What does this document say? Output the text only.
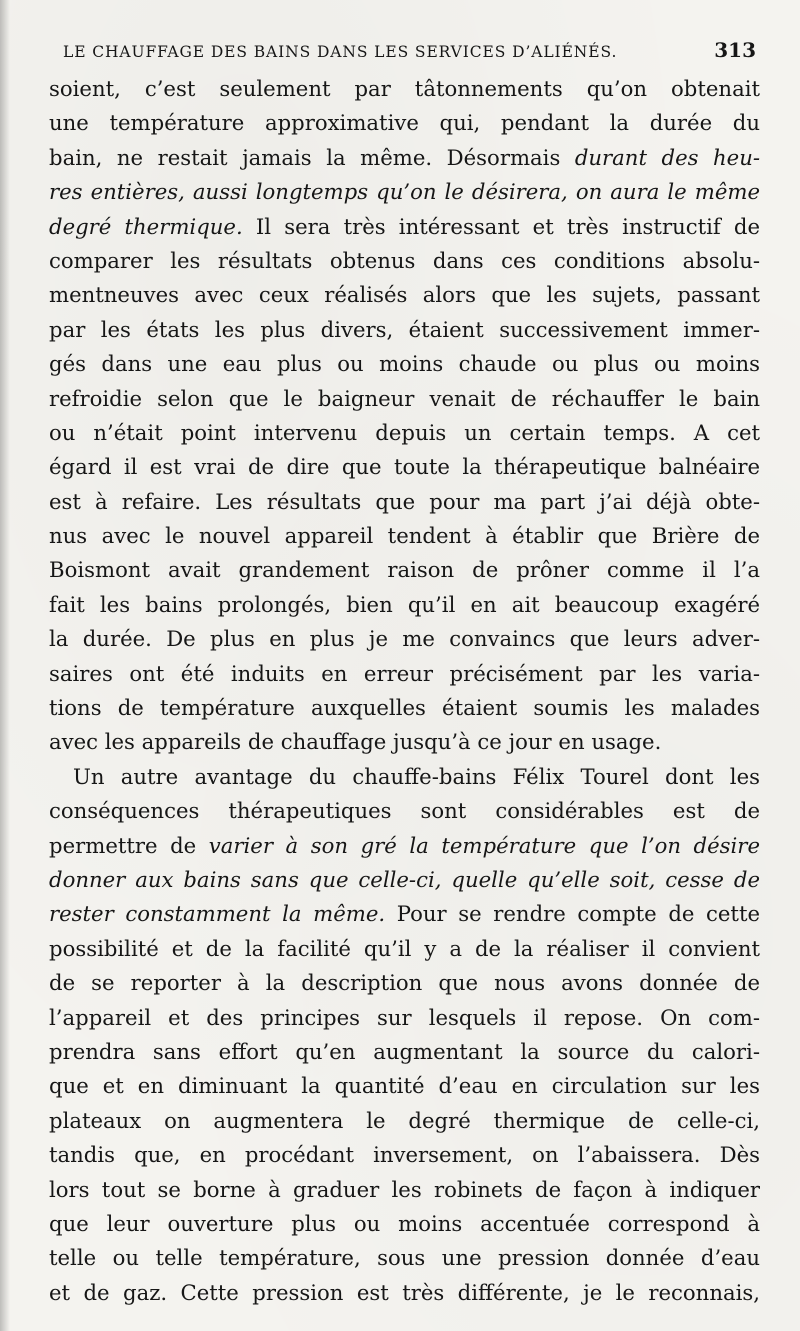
LE CHAUFFAGE DES BAINS DANS LES SERVICES D’ALIÉNÉS.	313
soient, c’est seulement par tâtonnements qu’on obtenait
une température approximative qui, pendant la durée du
bain, ne restait jamais la même. Désormais durant des heu-
res entières, aussi longtemps qu’on le désirera, on aura le même
degré thermique. Il sera très intéressant et très instructif de
comparer les résultats obtenus dans ces conditions absolu-
mentneuves avec ceux réalisés alors que les sujets, passant
par les états les plus divers, étaient successivement immer-
gés dans une eau plus ou moins chaude ou plus ou moins
refroidie selon que le baigneur venait de réchauffer le bain
ou n’était point intervenu depuis un certain temps. A cet
égard il est vrai de dire que toute la thérapeutique balnéaire
est à refaire. Les résultats que pour ma part j’ai déjà obte-
nus avec le nouvel appareil tendent à établir que Brière de
Boismont avait grandement raison de prôner comme il l’a
fait les bains prolongés, bien qu’il en ait beaucoup exagéré
la durée. De plus en plus je me convaincs que leurs adver-
saires ont été induits en erreur précisément par les varia-
tions de température auxquelles étaient soumis les malades
avec les appareils de chauffage jusqu’à ce jour en usage.
Un autre avantage du chauffe-bains Félix Tourel dont les
conséquences thérapeutiques sont considérables est de
permettre de varier à son gré la température que l’on désire
donner aux bains sans que celle-ci, quelle qu’elle soit, cesse de
rester constamment la même. Pour se rendre compte de cette
possibilité et de la facilité qu’il y a de la réaliser il convient
de se reporter à la description que nous avons donnée de
l’appareil et des principes sur lesquels il repose. On com-
prendra sans effort qu’en augmentant la source du calori-
que et en diminuant la quantité d’eau en circulation sur les
plateaux on augmentera le degré thermique de celle-ci,
tandis que, en procédant inversement, on l’abaissera. Dès
lors tout se borne à graduer les robinets de façon à indiquer
que leur ouverture plus ou moins accentuée correspond à
telle ou telle température, sous une pression donnée d’eau
et de gaz. Cette pression est très différente, je le reconnais,
